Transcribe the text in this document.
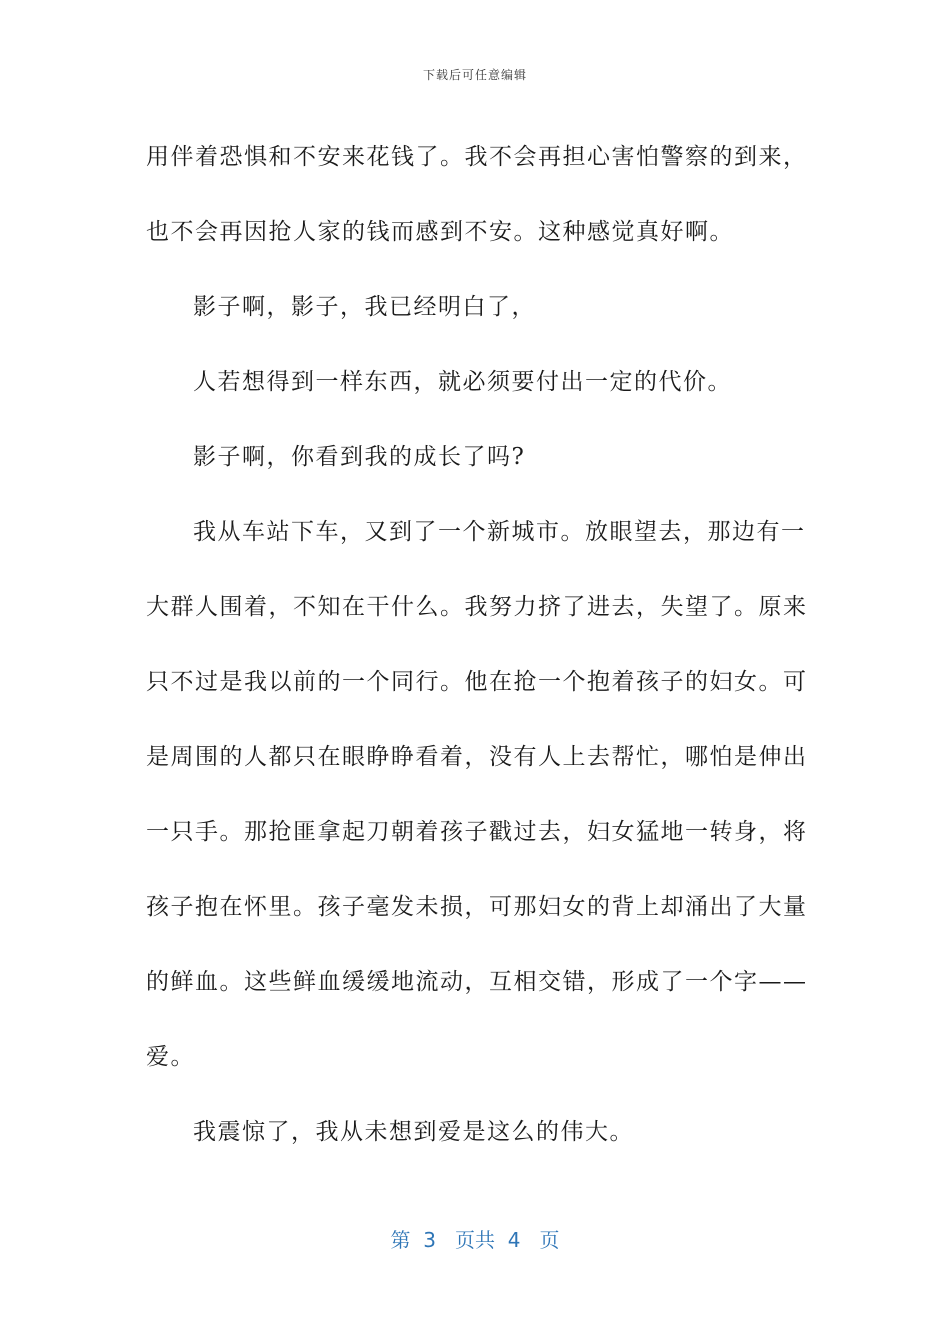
下载后可任意编辑
用伴着恐惧和不安来花钱了。我不会再担心害怕警察的到来，
也不会再因抢人家的钱而感到不安。这种感觉真好啊。
影子啊，影子，我已经明白了，
人若想得到一样东西，就必须要付出一定的代价。
影子啊，你看到我的成长了吗?
我从车站下车，又到了一个新城市。放眼望去，那边有一
大群人围着，不知在干什么。我努力挤了进去，失望了。原来
只不过是我以前的一个同行。他在抢一个抱着孩子的妇女。可
是周围的人都只在眼睁睁看着，没有人上去帮忙，哪怕是伸出
一只手。那抢匪拿起刀朝着孩子戳过去，妇女猛地一转身，将
孩子抱在怀里。孩子毫发未损，可那妇女的背上却涌出了大量
的鲜血。这些鲜血缓缓地流动，互相交错，形成了一个字——
爱。
我震惊了，我从未想到爱是这么的伟大。
第  3   页共  4   页
